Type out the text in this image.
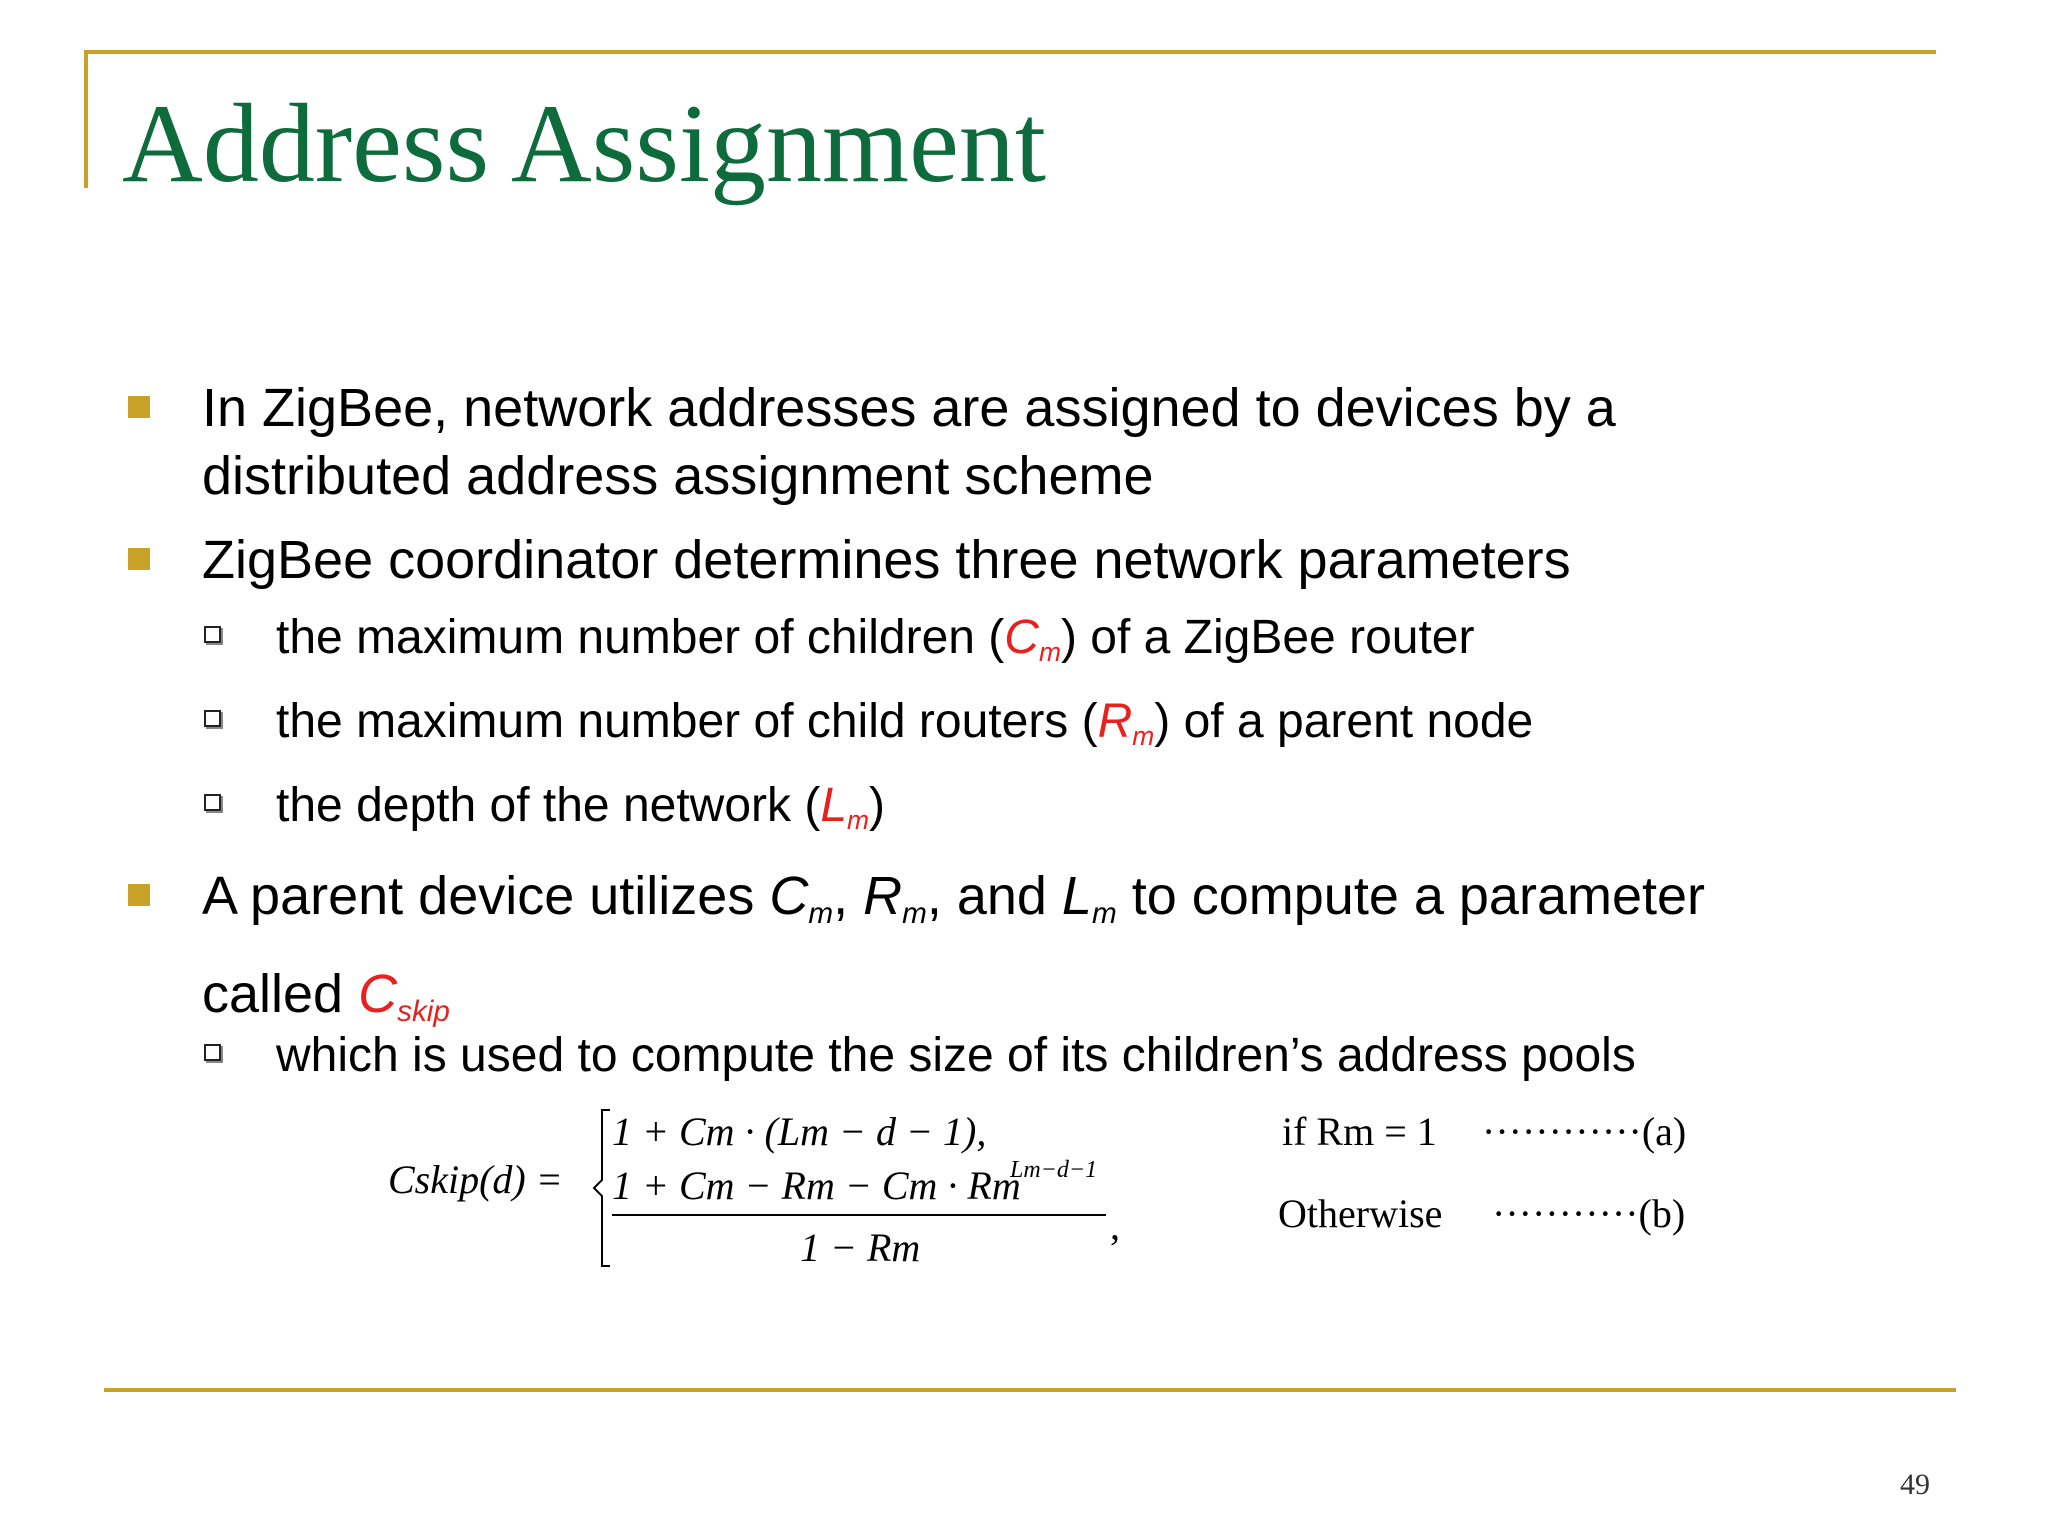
Address Assignment
In ZigBee, network addresses are assigned to devices by a
distributed address assignment scheme
ZigBee coordinator determines three network parameters
the maximum number of children (Cm) of a ZigBee router
the maximum number of child routers (Rm) of a parent node
the depth of the network (Lm)
A parent device utilizes Cm, Rm, and Lm to compute a parameter
called Cskip
which is used to compute the size of its children’s address pools
Cskip(d) =
1 + Cm · (Lm − d − 1),
1 + Cm − Rm − Cm · Rm
Lm−d−1
,
1 − Rm
if Rm = 1
Otherwise
············(a)
···········(b)
49
